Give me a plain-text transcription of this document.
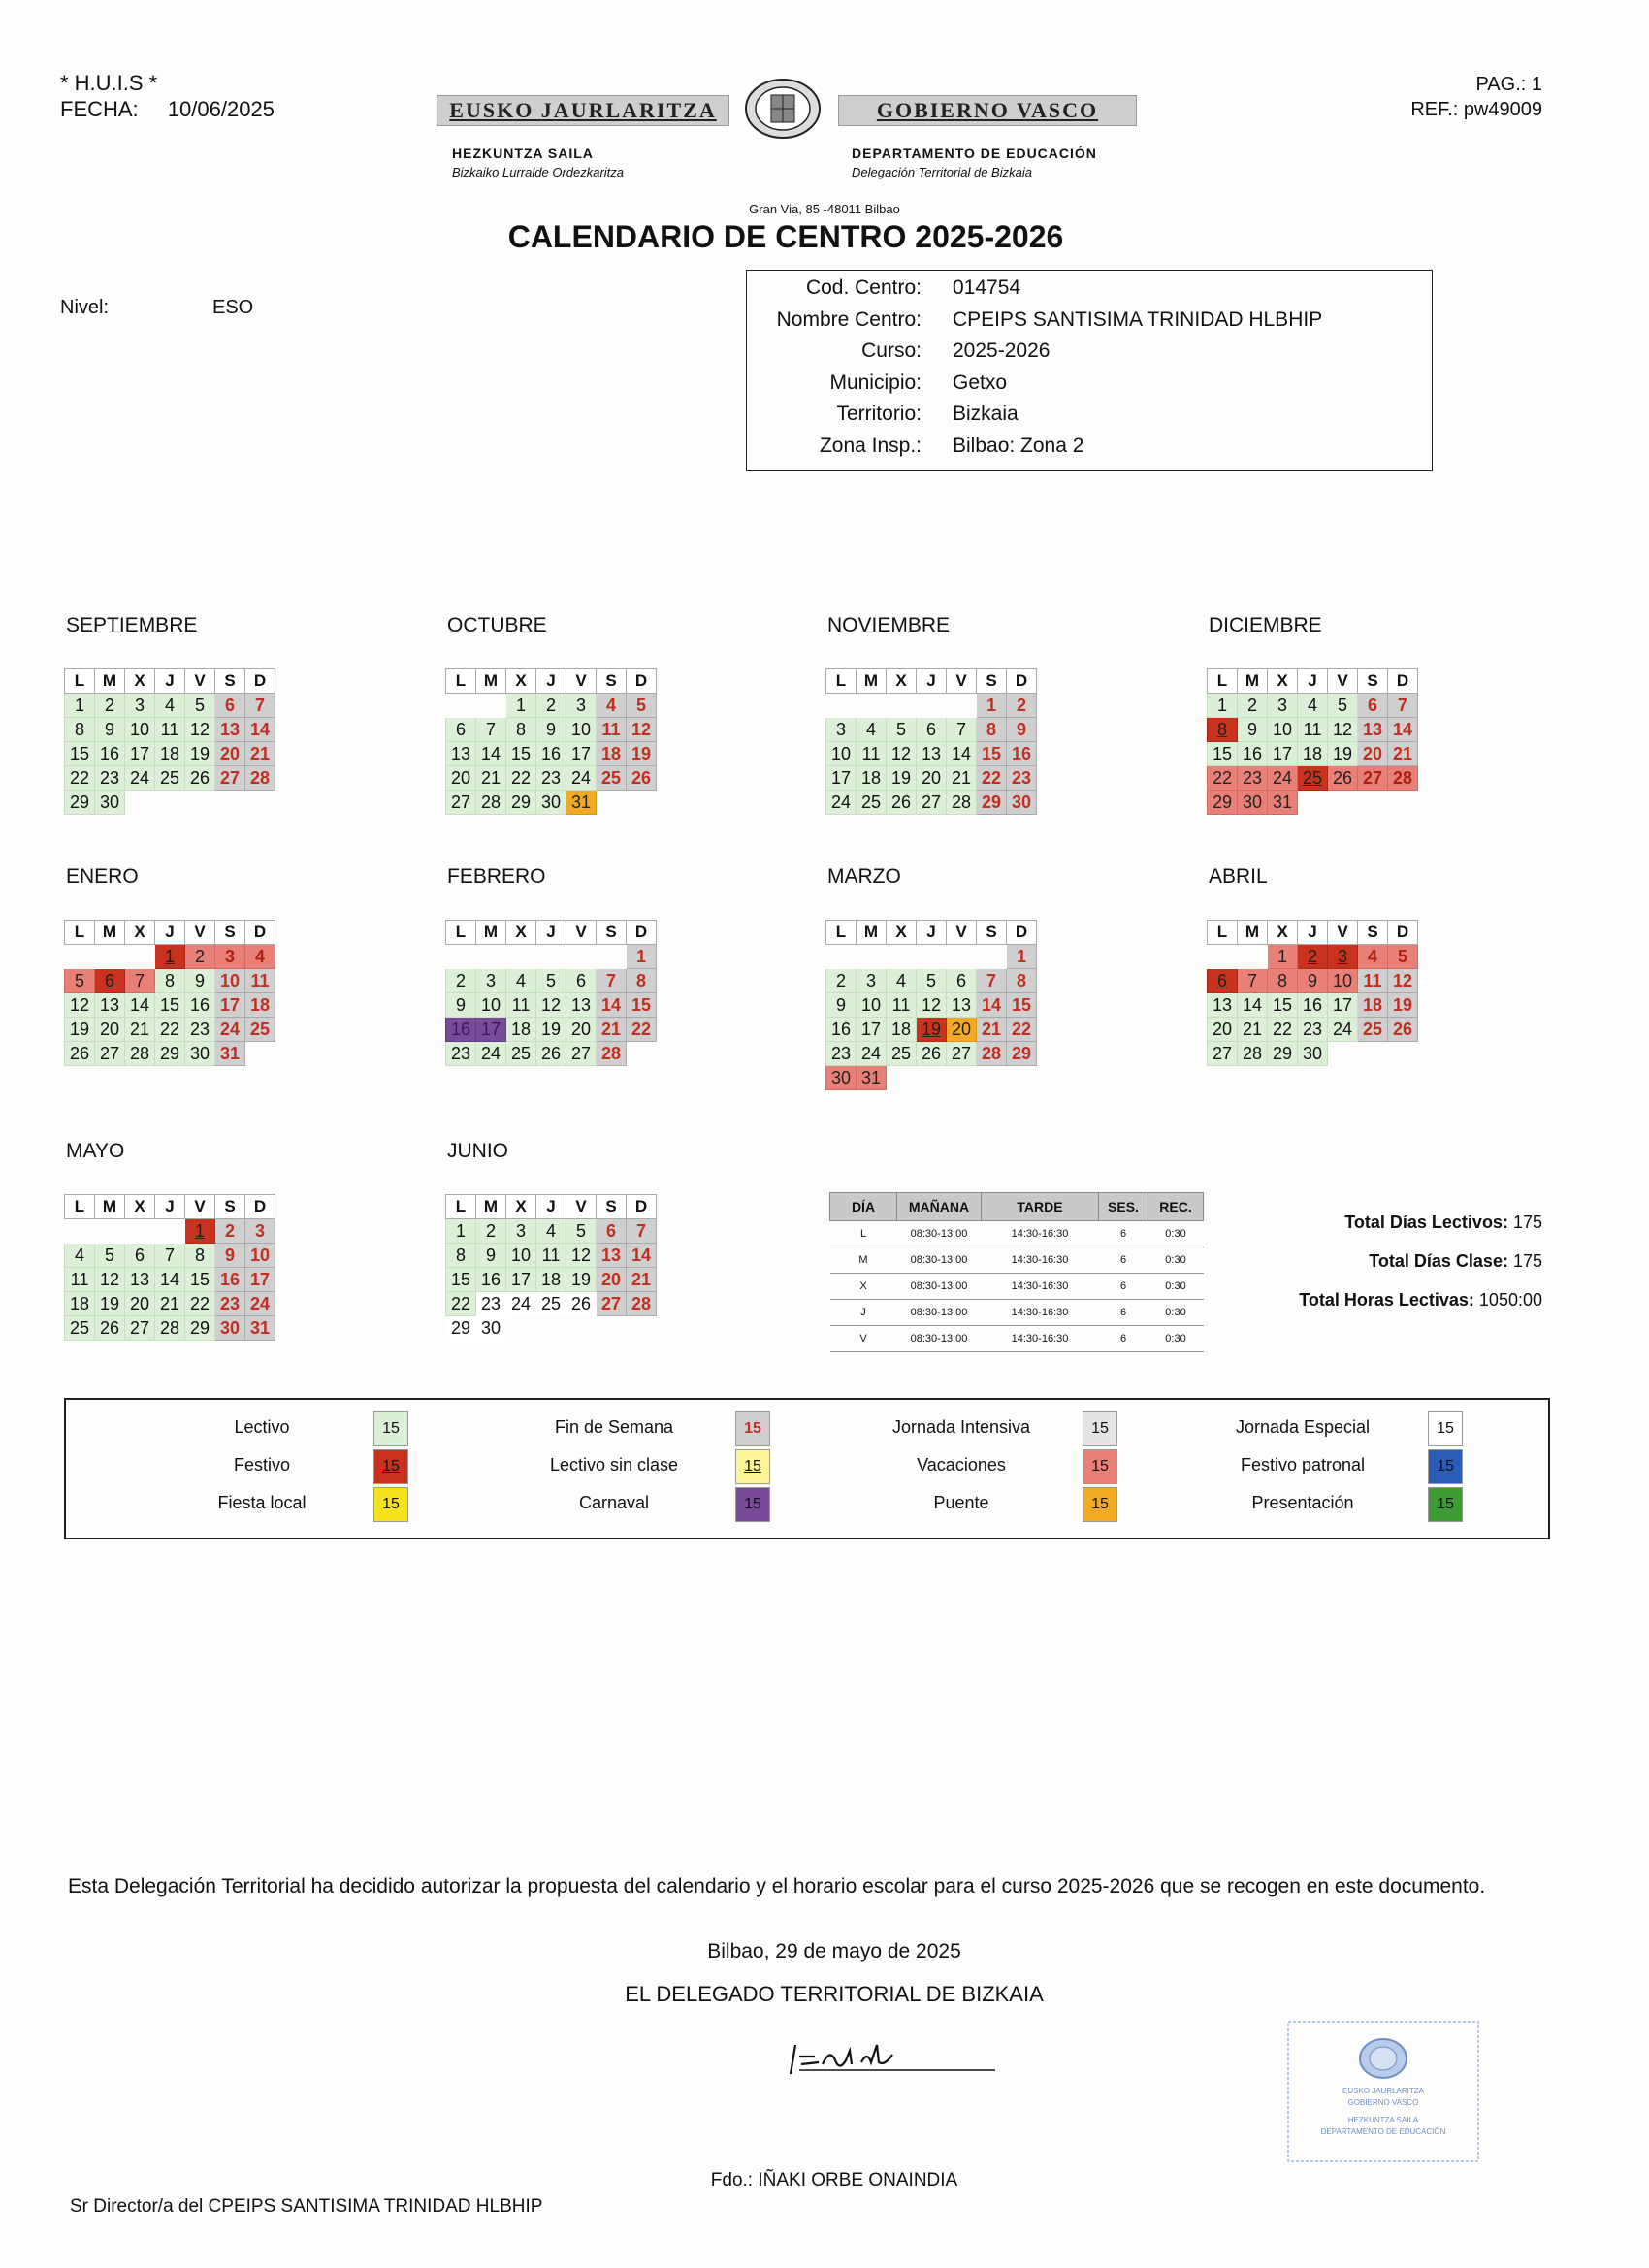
* H.U.I.S *
FECHA: 10/06/2025
PAG.: 1
REF.: pw49009
EUSKO JAURLARITZA	GOBIERNO VASCO
HEZKUNTZA SAILA
Bizkaiko Lurralde Ordezkaritza
DEPARTAMENTO DE EDUCACIÓN
Delegación Territorial de Bizkaia
Gran Via, 85 -48011 Bilbao
CALENDARIO DE CENTRO 2025-2026
Nivel:	ESO
Cod. Centro: 014754
Nombre Centro: CPEIPS SANTISIMA TRINIDAD HLBHIP
Curso: 2025-2026
Municipio: Getxo
Territorio: Bizkaia
Zona Insp.: Bilbao: Zona 2
SEPTIEMBRE
L	M	X	J	V	S	D
1	2	3	4	5	6	7
8	9	10	11	12	13	14
15	16	17	18	19	20	21
22	23	24	25	26	27	28
29	30					
OCTUBRE
L	M	X	J	V	S	D
		1	2	3	4	5
6	7	8	9	10	11	12
13	14	15	16	17	18	19
20	21	22	23	24	25	26
27	28	29	30	31		
NOVIEMBRE
L	M	X	J	V	S	D
					1	2
3	4	5	6	7	8	9
10	11	12	13	14	15	16
17	18	19	20	21	22	23
24	25	26	27	28	29	30
DICIEMBRE
L	M	X	J	V	S	D
1	2	3	4	5	6	7
8	9	10	11	12	13	14
15	16	17	18	19	20	21
22	23	24	25	26	27	28
29	30	31				
ENERO
L	M	X	J	V	S	D
			1	2	3	4
5	6	7	8	9	10	11
12	13	14	15	16	17	18
19	20	21	22	23	24	25
26	27	28	29	30	31	
FEBRERO
L	M	X	J	V	S	D
						1
2	3	4	5	6	7	8
9	10	11	12	13	14	15
16	17	18	19	20	21	22
23	24	25	26	27	28	
MARZO
L	M	X	J	V	S	D
						1
2	3	4	5	6	7	8
9	10	11	12	13	14	15
16	17	18	19	20	21	22
23	24	25	26	27	28	29
30	31					
ABRIL
L	M	X	J	V	S	D
		1	2	3	4	5
6	7	8	9	10	11	12
13	14	15	16	17	18	19
20	21	22	23	24	25	26
27	28	29	30			
MAYO
L	M	X	J	V	S	D
				1	2	3
4	5	6	7	8	9	10
11	12	13	14	15	16	17
18	19	20	21	22	23	24
25	26	27	28	29	30	31
JUNIO
L	M	X	J	V	S	D
1	2	3	4	5	6	7
8	9	10	11	12	13	14
15	16	17	18	19	20	21
22	23	24	25	26	27	28
29	30					
DÍA	MAÑANA	TARDE	SES.	REC.
L	08:30-13:00	14:30-16:30	6	0:30
M	08:30-13:00	14:30-16:30	6	0:30
X	08:30-13:00	14:30-16:30	6	0:30
J	08:30-13:00	14:30-16:30	6	0:30
V	08:30-13:00	14:30-16:30	6	0:30
Total Días Lectivos: 175
Total Días Clase: 175
Total Horas Lectivas: 1050:00
Lectivo	15	Fin de Semana	15	Jornada Intensiva	15	Jornada Especial	15
Festivo	15	Lectivo sin clase	15	Vacaciones	15	Festivo patronal	15
Fiesta local	15	Carnaval	15	Puente	15	Presentación	15
Esta Delegación Territorial ha decidido autorizar la propuesta del calendario y el horario escolar para el curso 2025-2026 que se recogen en este documento.
Bilbao, 29 de mayo de 2025
EL DELEGADO TERRITORIAL DE BIZKAIA
EUSKO JAURLARITZA
GOBIERNO VASCO
HEZKUNTZA SAILA
DEPARTAMENTO DE EDUCACIÓN
Fdo.: IÑAKI ORBE ONAINDIA
Sr Director/a del CPEIPS SANTISIMA TRINIDAD HLBHIP
